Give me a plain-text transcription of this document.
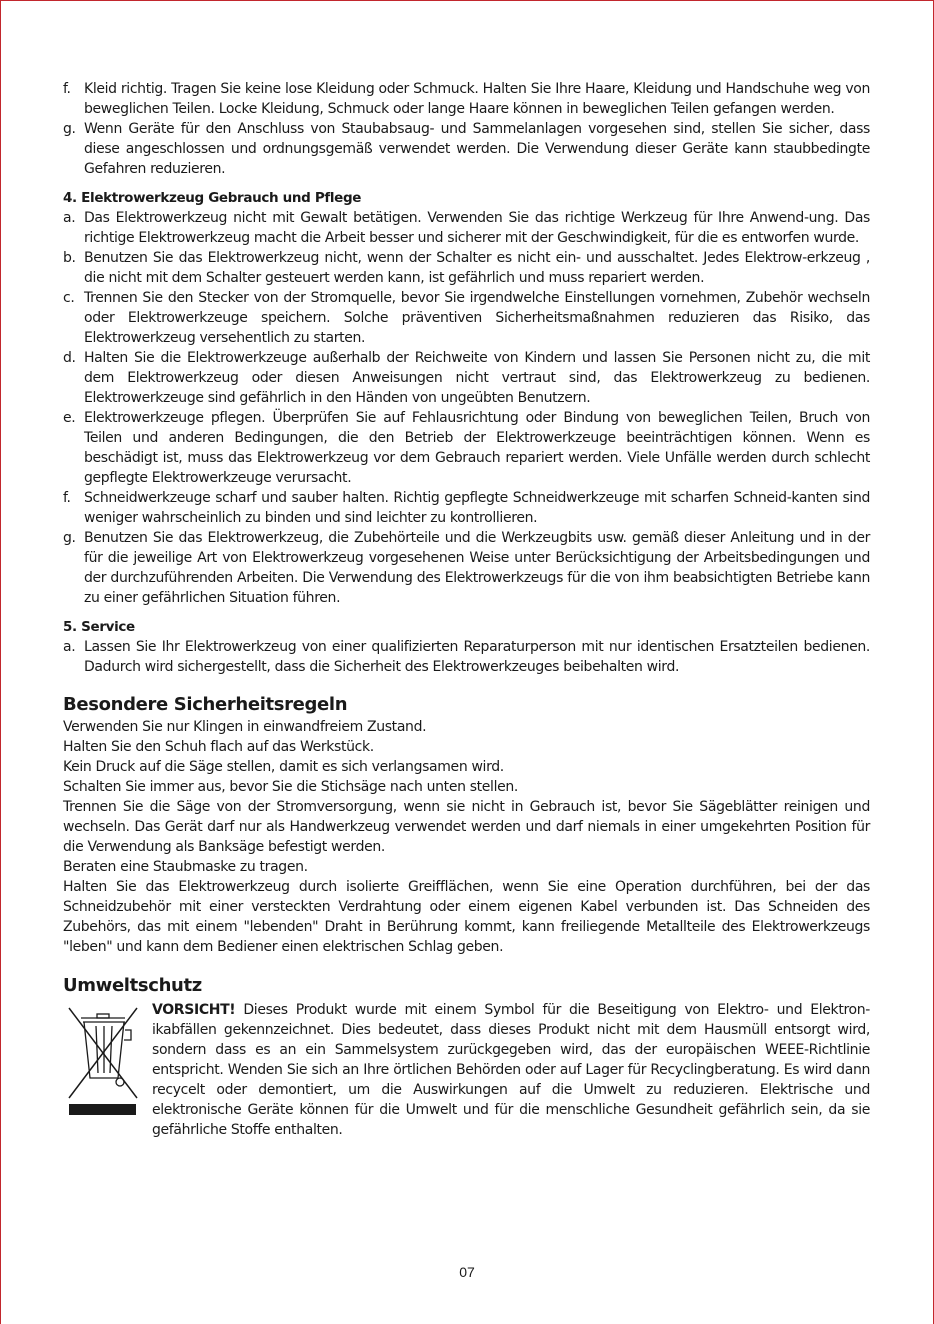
f. Kleid richtig. Tragen Sie keine lose Kleidung oder Schmuck. Halten Sie Ihre Haare, Kleidung und Handschuhe weg von beweglichen Teilen. Locke Kleidung, Schmuck oder lange Haare können in beweglichen Teilen gefangen werden.
g. Wenn Geräte für den Anschluss von Staubabsaug- und Sammelanlagen vorgesehen sind, stellen Sie sicher, dass diese angeschlossen und ordnungsgemäß verwendet werden. Die Verwendung dieser Geräte kann staubbedingte Gefahren reduzieren.
4. Elektrowerkzeug Gebrauch und Pflege
a. Das Elektrowerkzeug nicht mit Gewalt betätigen. Verwenden Sie das richtige Werkzeug für Ihre Anwend-ung. Das richtige Elektrowerkzeug macht die Arbeit besser und sicherer mit der Geschwindigkeit, für die es entworfen wurde.
b. Benutzen Sie das Elektrowerkzeug nicht, wenn der Schalter es nicht ein- und ausschaltet. Jedes Elektrow-erkzeug , die nicht mit dem Schalter gesteuert werden kann, ist gefährlich und muss repariert werden.
c. Trennen Sie den Stecker von der Stromquelle, bevor Sie irgendwelche Einstellungen vornehmen, Zubehör wechseln oder Elektrowerkzeuge speichern. Solche präventiven Sicherheitsmaßnahmen reduzieren das Risiko, das Elektrowerkzeug versehentlich zu starten.
d. Halten Sie die Elektrowerkzeuge außerhalb der Reichweite von Kindern und lassen Sie Personen nicht zu, die mit dem Elektrowerkzeug oder diesen Anweisungen nicht vertraut sind, das Elektrowerkzeug zu bedienen. Elektrowerkzeuge sind gefährlich in den Händen von ungeübten Benutzern.
e. Elektrowerkzeuge pflegen. Überprüfen Sie auf Fehlausrichtung oder Bindung von beweglichen Teilen, Bruch von Teilen und anderen Bedingungen, die den Betrieb der Elektrowerkzeuge beeinträchtigen können. Wenn es beschädigt ist, muss das Elektrowerkzeug vor dem Gebrauch repariert werden. Viele Unfälle werden durch schlecht gepflegte Elektrowerkzeuge verursacht.
f. Schneidwerkzeuge scharf und sauber halten. Richtig gepflegte Schneidwerkzeuge mit scharfen Schneid-kanten sind weniger wahrscheinlich zu binden und sind leichter zu kontrollieren.
g. Benutzen Sie das Elektrowerkzeug, die Zubehörteile und die Werkzeugbits usw. gemäß dieser Anleitung und in der für die jeweilige Art von Elektrowerkzeug vorgesehenen Weise unter Berücksichtigung der Arbeitsbedingungen und der durchzuführenden Arbeiten. Die Verwendung des Elektrowerkzeugs für die von ihm beabsichtigten Betriebe kann zu einer gefährlichen Situation führen.
5. Service
a. Lassen Sie Ihr Elektrowerkzeug von einer qualifizierten Reparaturperson mit nur identischen Ersatzteilen bedienen. Dadurch wird sichergestellt, dass die Sicherheit des Elektrowerkzeuges beibehalten wird.
Besondere Sicherheitsregeln

Verwenden Sie nur Klingen in einwandfreiem Zustand.

Halten Sie den Schuh flach auf das Werkstück.

Kein Druck auf die Säge stellen, damit es sich verlangsamen wird.

Schalten Sie immer aus, bevor Sie die Stichsäge nach unten stellen.

Trennen Sie die Säge von der Stromversorgung, wenn sie nicht in Gebrauch ist, bevor Sie Sägeblätter reinigen und wechseln. Das Gerät darf nur als Handwerkzeug verwendet werden und darf niemals in einer umgekehrten Position für die Verwendung als Banksäge befestigt werden.

Beraten eine Staubmaske zu tragen.

Halten Sie das Elektrowerkzeug durch isolierte Greifflächen, wenn Sie eine Operation durchführen, bei der das Schneidzubehör mit einer versteckten Verdrahtung oder einem eigenen Kabel verbunden ist. Das Schneiden des Zubehörs, das mit einem "lebenden" Draht in Berührung kommt, kann freiliegende Metallteile des Elektrowerkzeugs "leben" und kann dem Bediener einen elektrischen Schlag geben.

Umweltschutz
VORSICHT! Dieses Produkt wurde mit einem Symbol für die Beseitigung von Elektro- und Elektron-ikabfällen gekennzeichnet. Dies bedeutet, dass dieses Produkt nicht mit dem Hausmüll entsorgt wird, sondern dass es an ein Sammelsystem zurückgegeben wird, das der europäischen WEEE-Richtlinie entspricht. Wenden Sie sich an Ihre örtlichen Behörden oder auf Lager für Recyclingberatung. Es wird dann recycelt oder demontiert, um die Auswirkungen auf die Umwelt zu reduzieren. Elektrische und elektronische Geräte können für die Umwelt und für die menschliche Gesundheit gefährlich sein, da sie gefährliche Stoffe enthalten.
07
